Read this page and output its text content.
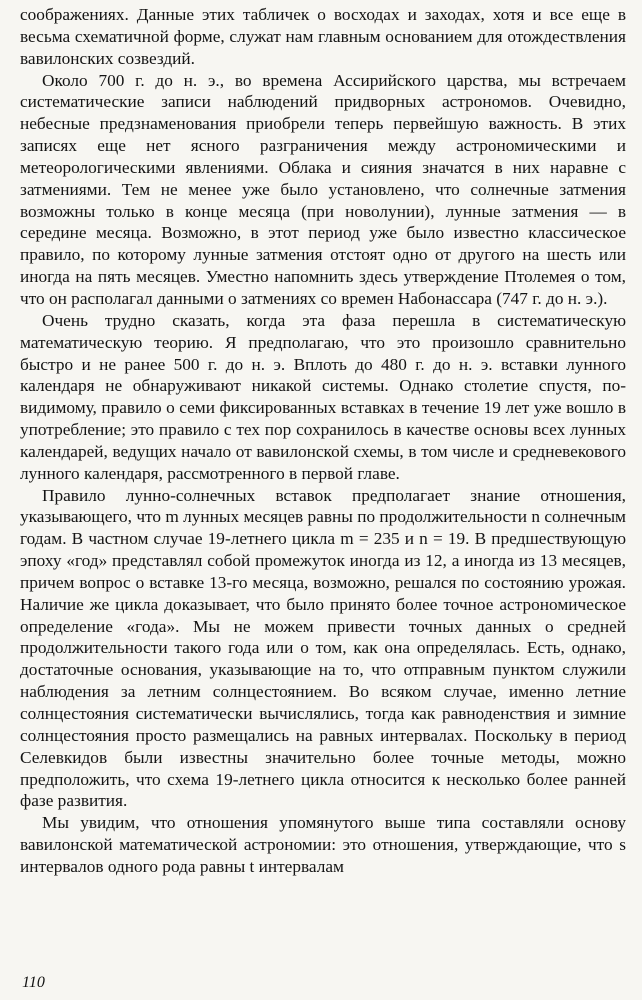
соображениях. Данные этих табличек о восходах и заходах, хотя и все еще в весьма схематичной форме, служат нам главным основанием для отождествления вавилонских созвездий.

Около 700 г. до н. э., во времена Ассирийского царства, мы встречаем систематические записи наблюдений придворных астрономов. Очевидно, небесные предзнаменования приобрели теперь первейшую важность. В этих записях еще нет ясного разграничения между астрономическими и метеорологическими явлениями. Облака и сияния значатся в них наравне с затмениями. Тем не менее уже было установлено, что солнечные затмения возможны только в конце месяца (при новолунии), лунные затмения — в середине месяца. Возможно, в этот период уже было известно классическое правило, по которому лунные затмения отстоят одно от другого на шесть или иногда на пять месяцев. Уместно напомнить здесь утверждение Птолемея о том, что он располагал данными о затмениях со времен Набонассара (747 г. до н. э.).

Очень трудно сказать, когда эта фаза перешла в систематическую математическую теорию. Я предполагаю, что это произошло сравнительно быстро и не ранее 500 г. до н. э. Вплоть до 480 г. до н. э. вставки лунного календаря не обнаруживают никакой системы. Однако столетие спустя, по-видимому, правило о семи фиксированных вставках в течение 19 лет уже вошло в употребление; это правило с тех пор сохранилось в качестве основы всех лунных календарей, ведущих начало от вавилонской схемы, в том числе и средневекового лунного календаря, рассмотренного в первой главе.

Правило лунно-солнечных вставок предполагает знание отношения, указывающего, что m лунных месяцев равны по продолжительности n солнечным годам. В частном случае 19-летнего цикла m = 235 и n = 19. В предшествующую эпоху «год» представлял собой промежуток иногда из 12, а иногда из 13 месяцев, причем вопрос о вставке 13-го месяца, возможно, решался по состоянию урожая. Наличие же цикла доказывает, что было принято более точное астрономическое определение «года». Мы не можем привести точных данных о средней продолжительности такого года или о том, как она определялась. Есть, однако, достаточные основания, указывающие на то, что отправным пунктом служили наблюдения за летним солнцестоянием. Во всяком случае, именно летние солнцестояния систематически вычислялись, тогда как равноденствия и зимние солнцестояния просто размещались на равных интервалах. Поскольку в период Селевкидов были известны значительно более точные методы, можно предположить, что схема 19-летнего цикла относится к несколько более ранней фазе развития.

Мы увидим, что отношения упомянутого выше типа составляли основу вавилонской математической астрономии: это отношения, утверждающие, что s интервалов одного рода равны t интервалам

110
